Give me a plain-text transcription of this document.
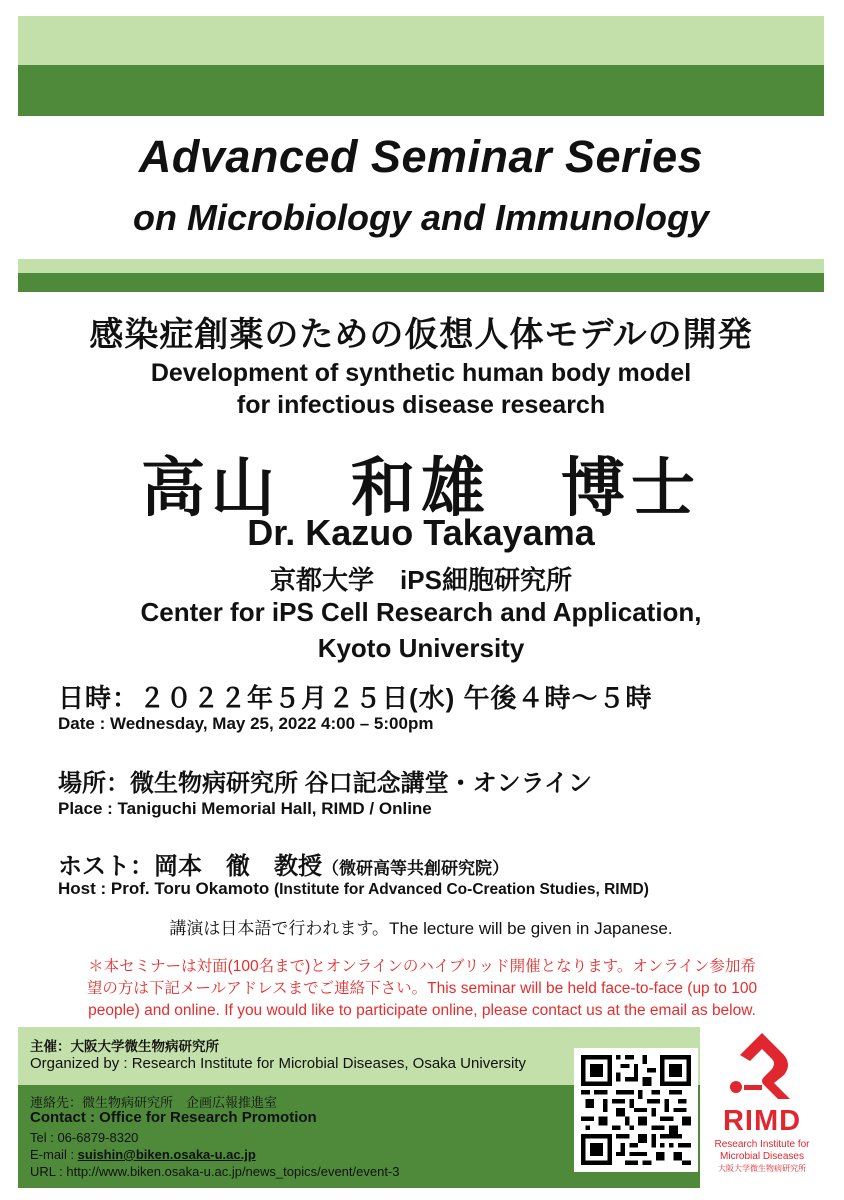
Advanced Seminar Series
on Microbiology and Immunology
感染症創薬のための仮想人体モデルの開発
Development of synthetic human body model
for infectious disease research
高山　和雄　博士
Dr. Kazuo Takayama
京都大学　iPS細胞研究所
Center for iPS Cell Research and Application,
Kyoto University
日時：２０２２年５月２５日(水) 午後４時～５時
Date : Wednesday, May 25, 2022 4:00 – 5:00pm
場所：微生物病研究所 谷口記念講堂・オンライン
Place : Taniguchi Memorial Hall, RIMD / Online
ホスト：岡本　徹　教授（微研高等共創研究院）
Host : Prof. Toru Okamoto (Institute for Advanced Co-Creation Studies, RIMD)
講演は日本語で行われます。The lecture will be given in Japanese.
＊本セミナーは対面(100名まで)とオンラインのハイブリッド開催となります。オンライン参加希
望の方は下記メールアドレスまでご連絡下さい。This seminar will be held face-to-face (up to 100
people) and online. If you would like to participate online, please contact us at the email as below.
主催：大阪大学微生物病研究所
Organized by : Research Institute for Microbial Diseases, Osaka University
連絡先：微生物病研究所　企画広報推進室
Contact : Office for Research Promotion
Tel : 06-6879-8320
E-mail : suishin@biken.osaka-u.ac.jp
URL : http://www.biken.osaka-u.ac.jp/news_topics/event/event-3
RIMD
Research Institute for
Microbial Diseases
大阪大学微生物病研究所
